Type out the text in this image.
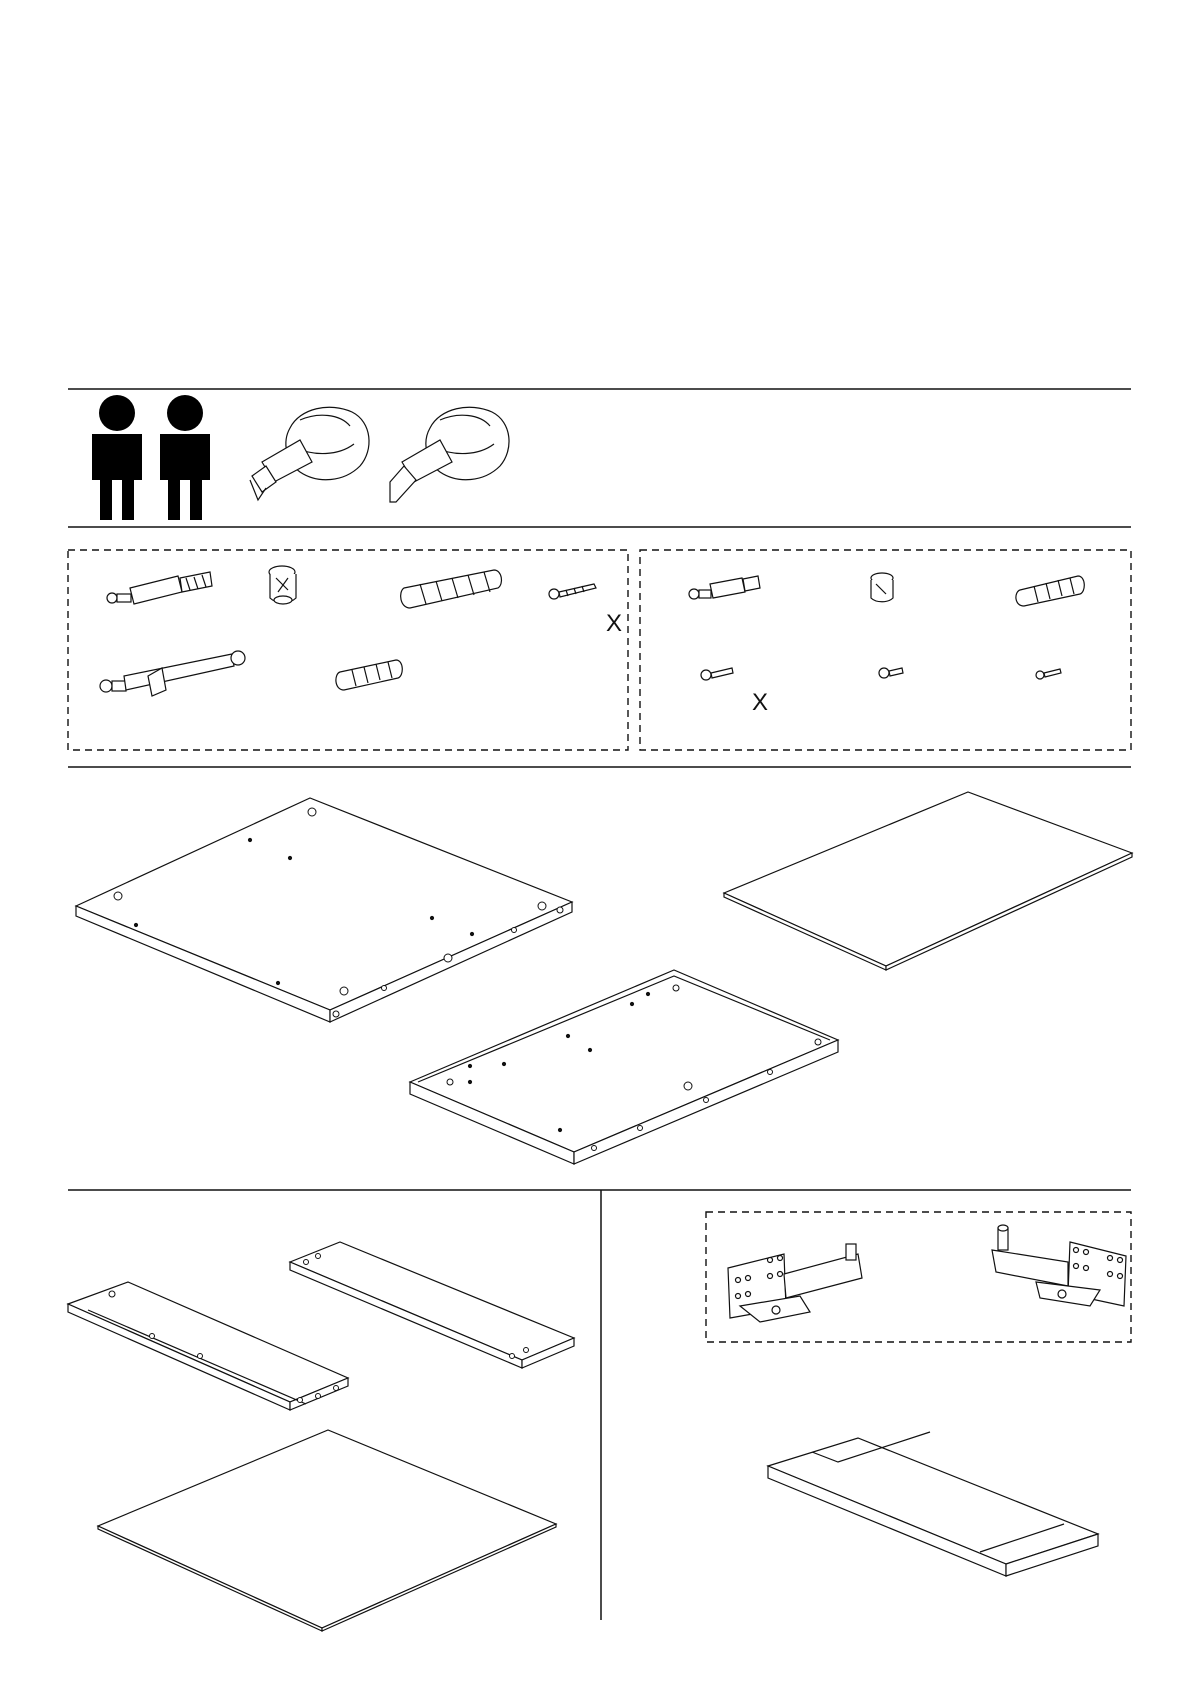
X
X
